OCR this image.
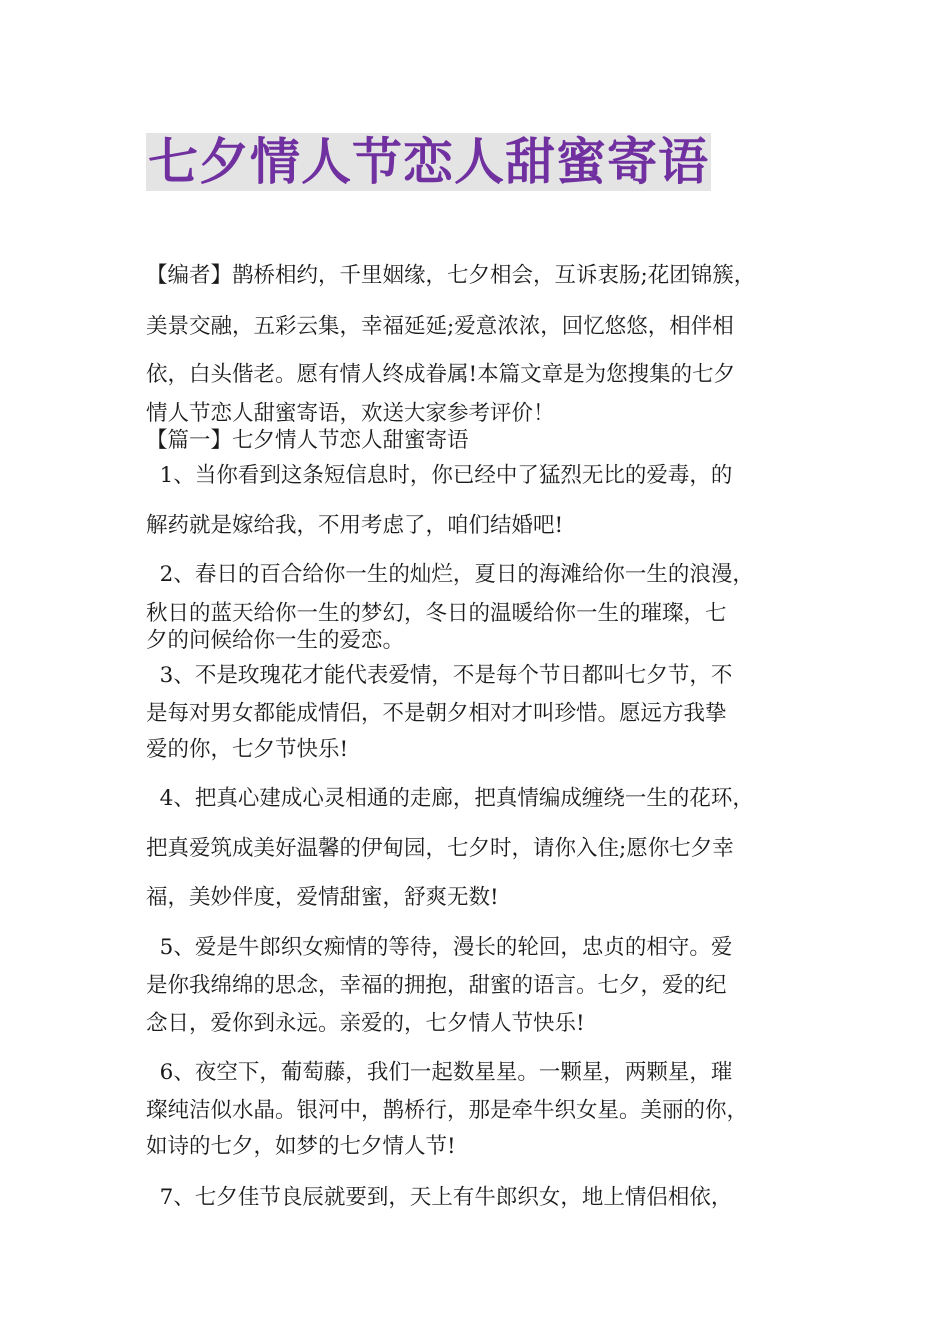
七夕情人节恋人甜蜜寄语

【编者】鹊桥相约，千里姻缘，七夕相会，互诉衷肠;花团锦簇，

美景交融，五彩云集，幸福延延;爱意浓浓，回忆悠悠，相伴相

依，白头偕老。愿有情人终成眷属!本篇文章是为您搜集的七夕

情人节恋人甜蜜寄语，欢送大家参考评价！

【篇一】七夕情人节恋人甜蜜寄语

1、当你看到这条短信息时，你已经中了猛烈无比的爱毒，的

解药就是嫁给我，不用考虑了，咱们结婚吧!

2、春日的百合给你一生的灿烂，夏日的海滩给你一生的浪漫，

秋日的蓝天给你一生的梦幻，冬日的温暖给你一生的璀璨，七

夕的问候给你一生的爱恋。

3、不是玫瑰花才能代表爱情，不是每个节日都叫七夕节，不

是每对男女都能成情侣，不是朝夕相对才叫珍惜。愿远方我挚

爱的你，七夕节快乐!

4、把真心建成心灵相通的走廊，把真情编成缠绕一生的花环，

把真爱筑成美好温馨的伊甸园，七夕时，请你入住;愿你七夕幸

福，美妙伴度，爱情甜蜜，舒爽无数!

5、爱是牛郎织女痴情的等待，漫长的轮回，忠贞的相守。爱

是你我绵绵的思念，幸福的拥抱，甜蜜的语言。七夕，爱的纪

念日，爱你到永远。亲爱的，七夕情人节快乐!

6、夜空下，葡萄藤，我们一起数星星。一颗星，两颗星，璀

璨纯洁似水晶。银河中，鹊桥行，那是牵牛织女星。美丽的你，

如诗的七夕，如梦的七夕情人节!

7、七夕佳节良辰就要到，天上有牛郎织女，地上情侣相依，
